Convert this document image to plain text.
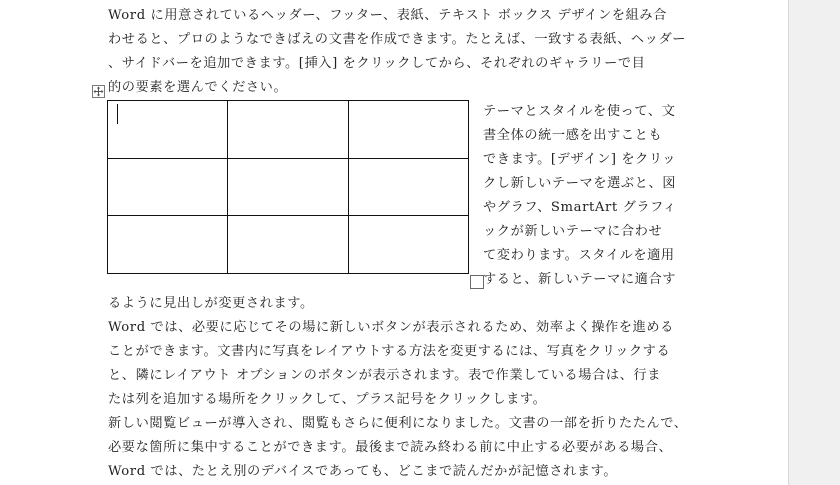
Word に用意されているヘッダー、フッター、表紙、テキスト ボックス デザインを組み合
わせると、プロのようなできばえの文書を作成できます。たとえば、一致する表紙、ヘッダー
、サイドバーを追加できます。[挿入] をクリックしてから、それぞれのギャラリーで目
的の要素を選んでください。

テーマとスタイルを使って、文
書全体の統一感を出すことも
できます。[デザイン] をクリッ
クし新しいテーマを選ぶと、図
やグラフ、SmartArt グラフィ
ックが新しいテーマに合わせ
て変わります。スタイルを適用
すると、新しいテーマに適合す
るように見出しが変更されます。
Word では、必要に応じてその場に新しいボタンが表示されるため、効率よく操作を進める
ことができます。文書内に写真をレイアウトする方法を変更するには、写真をクリックする
と、隣にレイアウト オプションのボタンが表示されます。表で作業している場合は、行ま
たは列を追加する場所をクリックして、プラス記号をクリックします。
新しい閲覧ビューが導入され、閲覧もさらに便利になりました。文書の一部を折りたたんで、
必要な箇所に集中することができます。最後まで読み終わる前に中止する必要がある場合、
Word では、たとえ別のデバイスであっても、どこまで読んだかが記憶されます。
